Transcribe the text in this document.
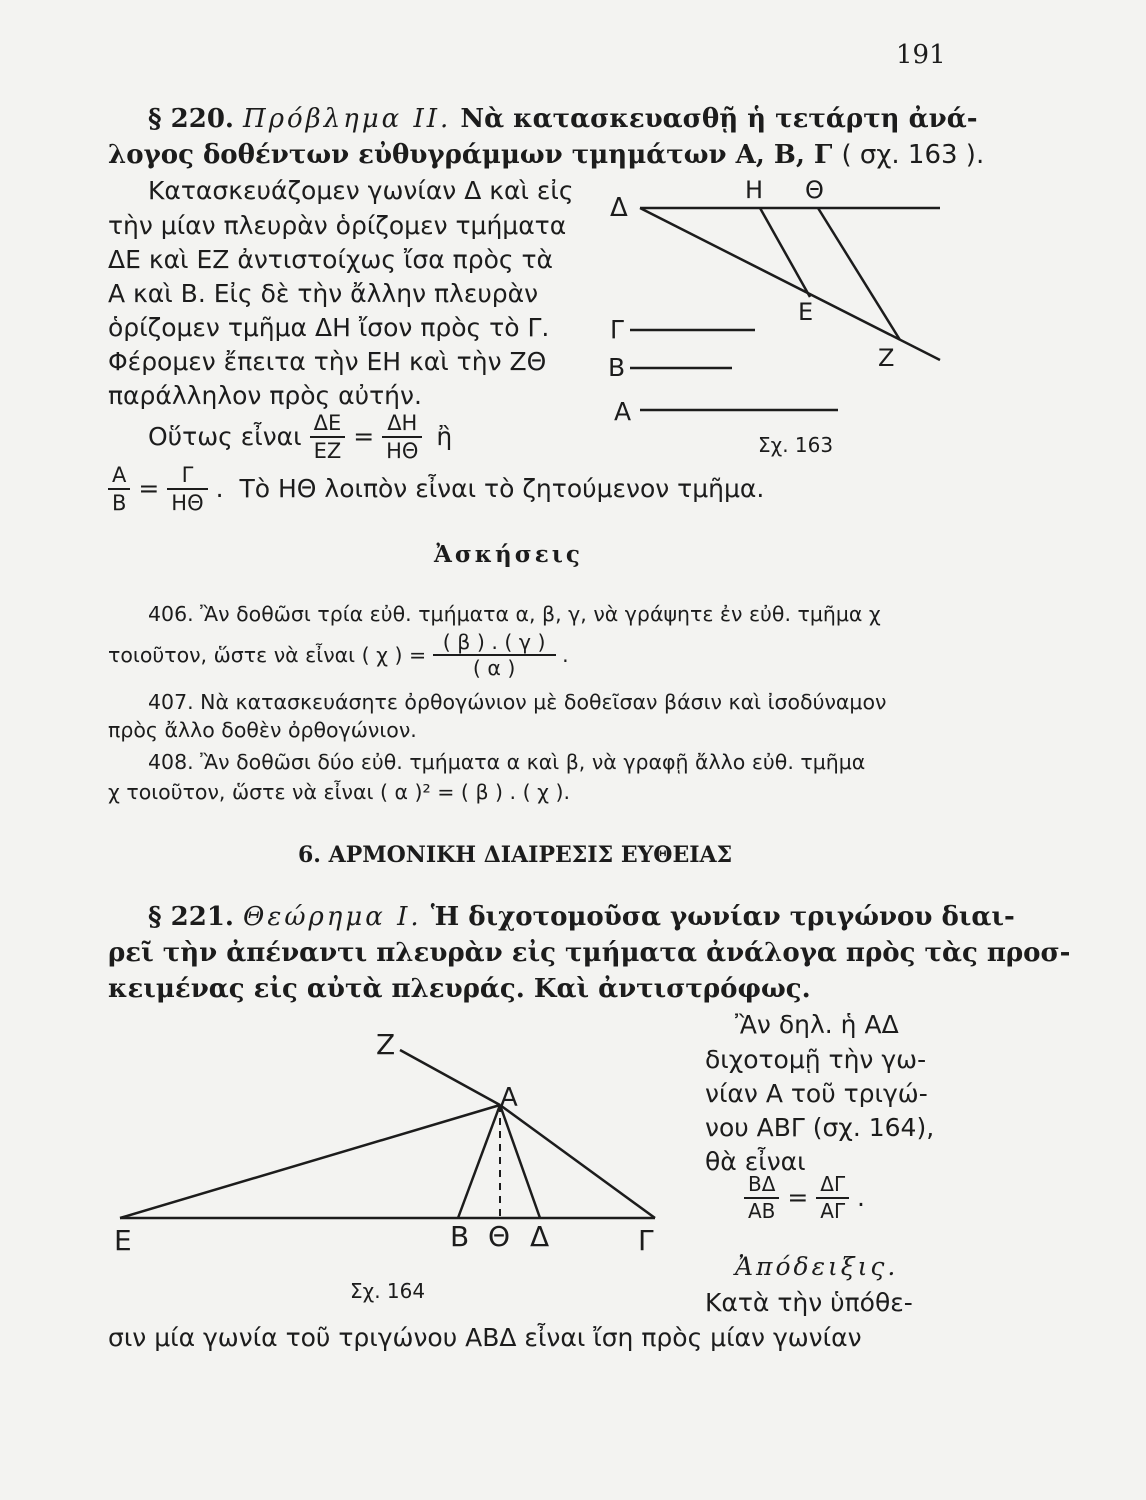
191
§ 220. Πρόβλημα II. Νὰ κατασκευασθῇ ἡ τετάρτη ἀνά-
λογος δοθέντων εὐθυγράμμων τμημάτων Α, Β, Γ ( σχ. 163 ).
Κατασκευάζομεν γωνίαν Δ καὶ εἰς
τὴν μίαν πλευρὰν ὁρίζομεν τμήματα
ΔΕ καὶ ΕΖ ἀντιστοίχως ἴσα πρὸς τὰ
Α καὶ Β. Εἰς δὲ τὴν ἄλλην πλευρὰν
ὁρίζομεν τμῆμα ΔΗ ἴσον πρὸς τὸ Γ.
Φέρομεν ἔπειτα τὴν ΕΗ καὶ τὴν ΖΘ
παράλληλον πρὸς αὐτήν.
Οὕτως εἶναι $\frac{\Delta E}{EZ} = \frac{\Delta H}{H\Theta}$ ἢ
$\frac{A}{B} = \frac{\Gamma}{H\Theta}$ . Τὸ ΗΘ λοιπὸν εἶναι τὸ ζητούμενον τμῆμα.
Δ
Η Θ
Ε
Ζ
Γ
Β
Α
Σχ. 163
Ἀσκήσεις
406. Ἂν δοθῶσι τρία εὐθ. τμήματα α, β, γ, νὰ γράψητε ἐν εὐθ. τμῆμα χ
τοιοῦτον, ὥστε νὰ εἶναι ( χ ) = $\frac{( \beta ) . ( \gamma )}{( \alpha )}$ .
407. Νὰ κατασκευάσητε ὀρθογώνιον μὲ δοθεῖσαν βάσιν καὶ ἰσοδύναμον
πρὸς ἄλλο δοθὲν ὀρθογώνιον.
408. Ἂν δοθῶσι δύο εὐθ. τμήματα α καὶ β, νὰ γραφῇ ἄλλο εὐθ. τμῆμα
χ τοιοῦτον, ὥστε νὰ εἶναι ( α )² = ( β ) . ( χ ).
6. ΑΡΜΟΝΙΚΗ ΔΙΑΙΡΕΣΙΣ ΕΥΘΕΙΑΣ
§ 221. Θεώρημα I. Ἡ διχοτομοῦσα γωνίαν τριγώνου διαι-
ρεῖ τὴν ἀπέναντι πλευρὰν εἰς τμήματα ἀνάλογα πρὸς τὰς προσ-
κειμένας εἰς αὐτὰ πλευράς. Καὶ ἀντιστρόφως.
Ἂν δηλ. ἡ ΑΔ
διχοτομῇ τὴν γω-
νίαν Α τοῦ τριγώ-
νου ΑΒΓ (σχ. 164),
θὰ εἶναι
$\frac{B\Delta}{AB} = \frac{\Delta\Gamma}{A\Gamma}$ .
Ἀπόδειξις.
Κατὰ τὴν ὑπόθε-
σιν μία γωνία τοῦ τριγώνου ΑΒΔ εἶναι ἴση πρὸς μίαν γωνίαν
Ζ
Α
Ε	Β Θ Δ	Γ
Σχ. 164
